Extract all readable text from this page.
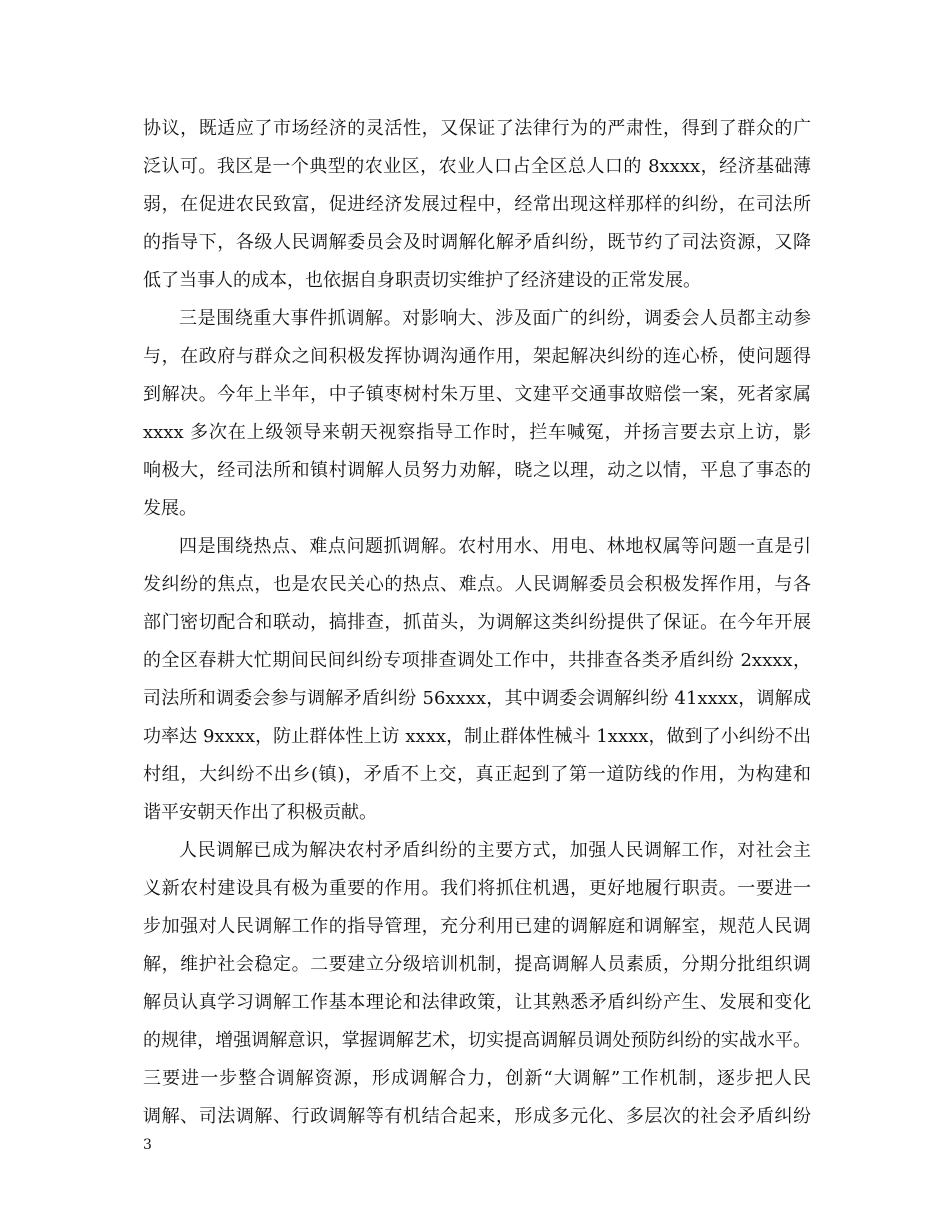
协议，既适应了市场经济的灵活性，又保证了法律行为的严肃性，得到了群众的广
泛认可。我区是一个典型的农业区，农业人口占全区总人口的 8xxxx，经济基础薄
弱，在促进农民致富，促进经济发展过程中，经常出现这样那样的纠纷，在司法所
的指导下，各级人民调解委员会及时调解化解矛盾纠纷，既节约了司法资源，又降
低了当事人的成本，也依据自身职责切实维护了经济建设的正常发展。
三是围绕重大事件抓调解。对影响大、涉及面广的纠纷，调委会人员都主动参
与，在政府与群众之间积极发挥协调沟通作用，架起解决纠纷的连心桥，使问题得
到解决。今年上半年，中子镇枣树村朱万里、文建平交通事故赔偿一案，死者家属
xxxx 多次在上级领导来朝天视察指导工作时，拦车喊冤，并扬言要去京上访，影
响极大，经司法所和镇村调解人员努力劝解，晓之以理，动之以情，平息了事态的
发展。
四是围绕热点、难点问题抓调解。农村用水、用电、林地权属等问题一直是引
发纠纷的焦点，也是农民关心的热点、难点。人民调解委员会积极发挥作用，与各
部门密切配合和联动，搞排查，抓苗头，为调解这类纠纷提供了保证。在今年开展
的全区春耕大忙期间民间纠纷专项排查调处工作中，共排查各类矛盾纠纷 2xxxx，
司法所和调委会参与调解矛盾纠纷 56xxxx，其中调委会调解纠纷 41xxxx，调解成
功率达 9xxxx，防止群体性上访 xxxx，制止群体性械斗 1xxxx，做到了小纠纷不出
村组，大纠纷不出乡(镇)，矛盾不上交，真正起到了第一道防线的作用，为构建和
谐平安朝天作出了积极贡献。
人民调解已成为解决农村矛盾纠纷的主要方式，加强人民调解工作，对社会主
义新农村建设具有极为重要的作用。我们将抓住机遇，更好地履行职责。一要进一
步加强对人民调解工作的指导管理，充分利用已建的调解庭和调解室，规范人民调
解，维护社会稳定。二要建立分级培训机制，提高调解人员素质，分期分批组织调
解员认真学习调解工作基本理论和法律政策，让其熟悉矛盾纠纷产生、发展和变化
的规律，增强调解意识，掌握调解艺术，切实提高调解员调处预防纠纷的实战水平。
三要进一步整合调解资源，形成调解合力，创新“大调解”工作机制，逐步把人民
调解、司法调解、行政调解等有机结合起来，形成多元化、多层次的社会矛盾纠纷
3
